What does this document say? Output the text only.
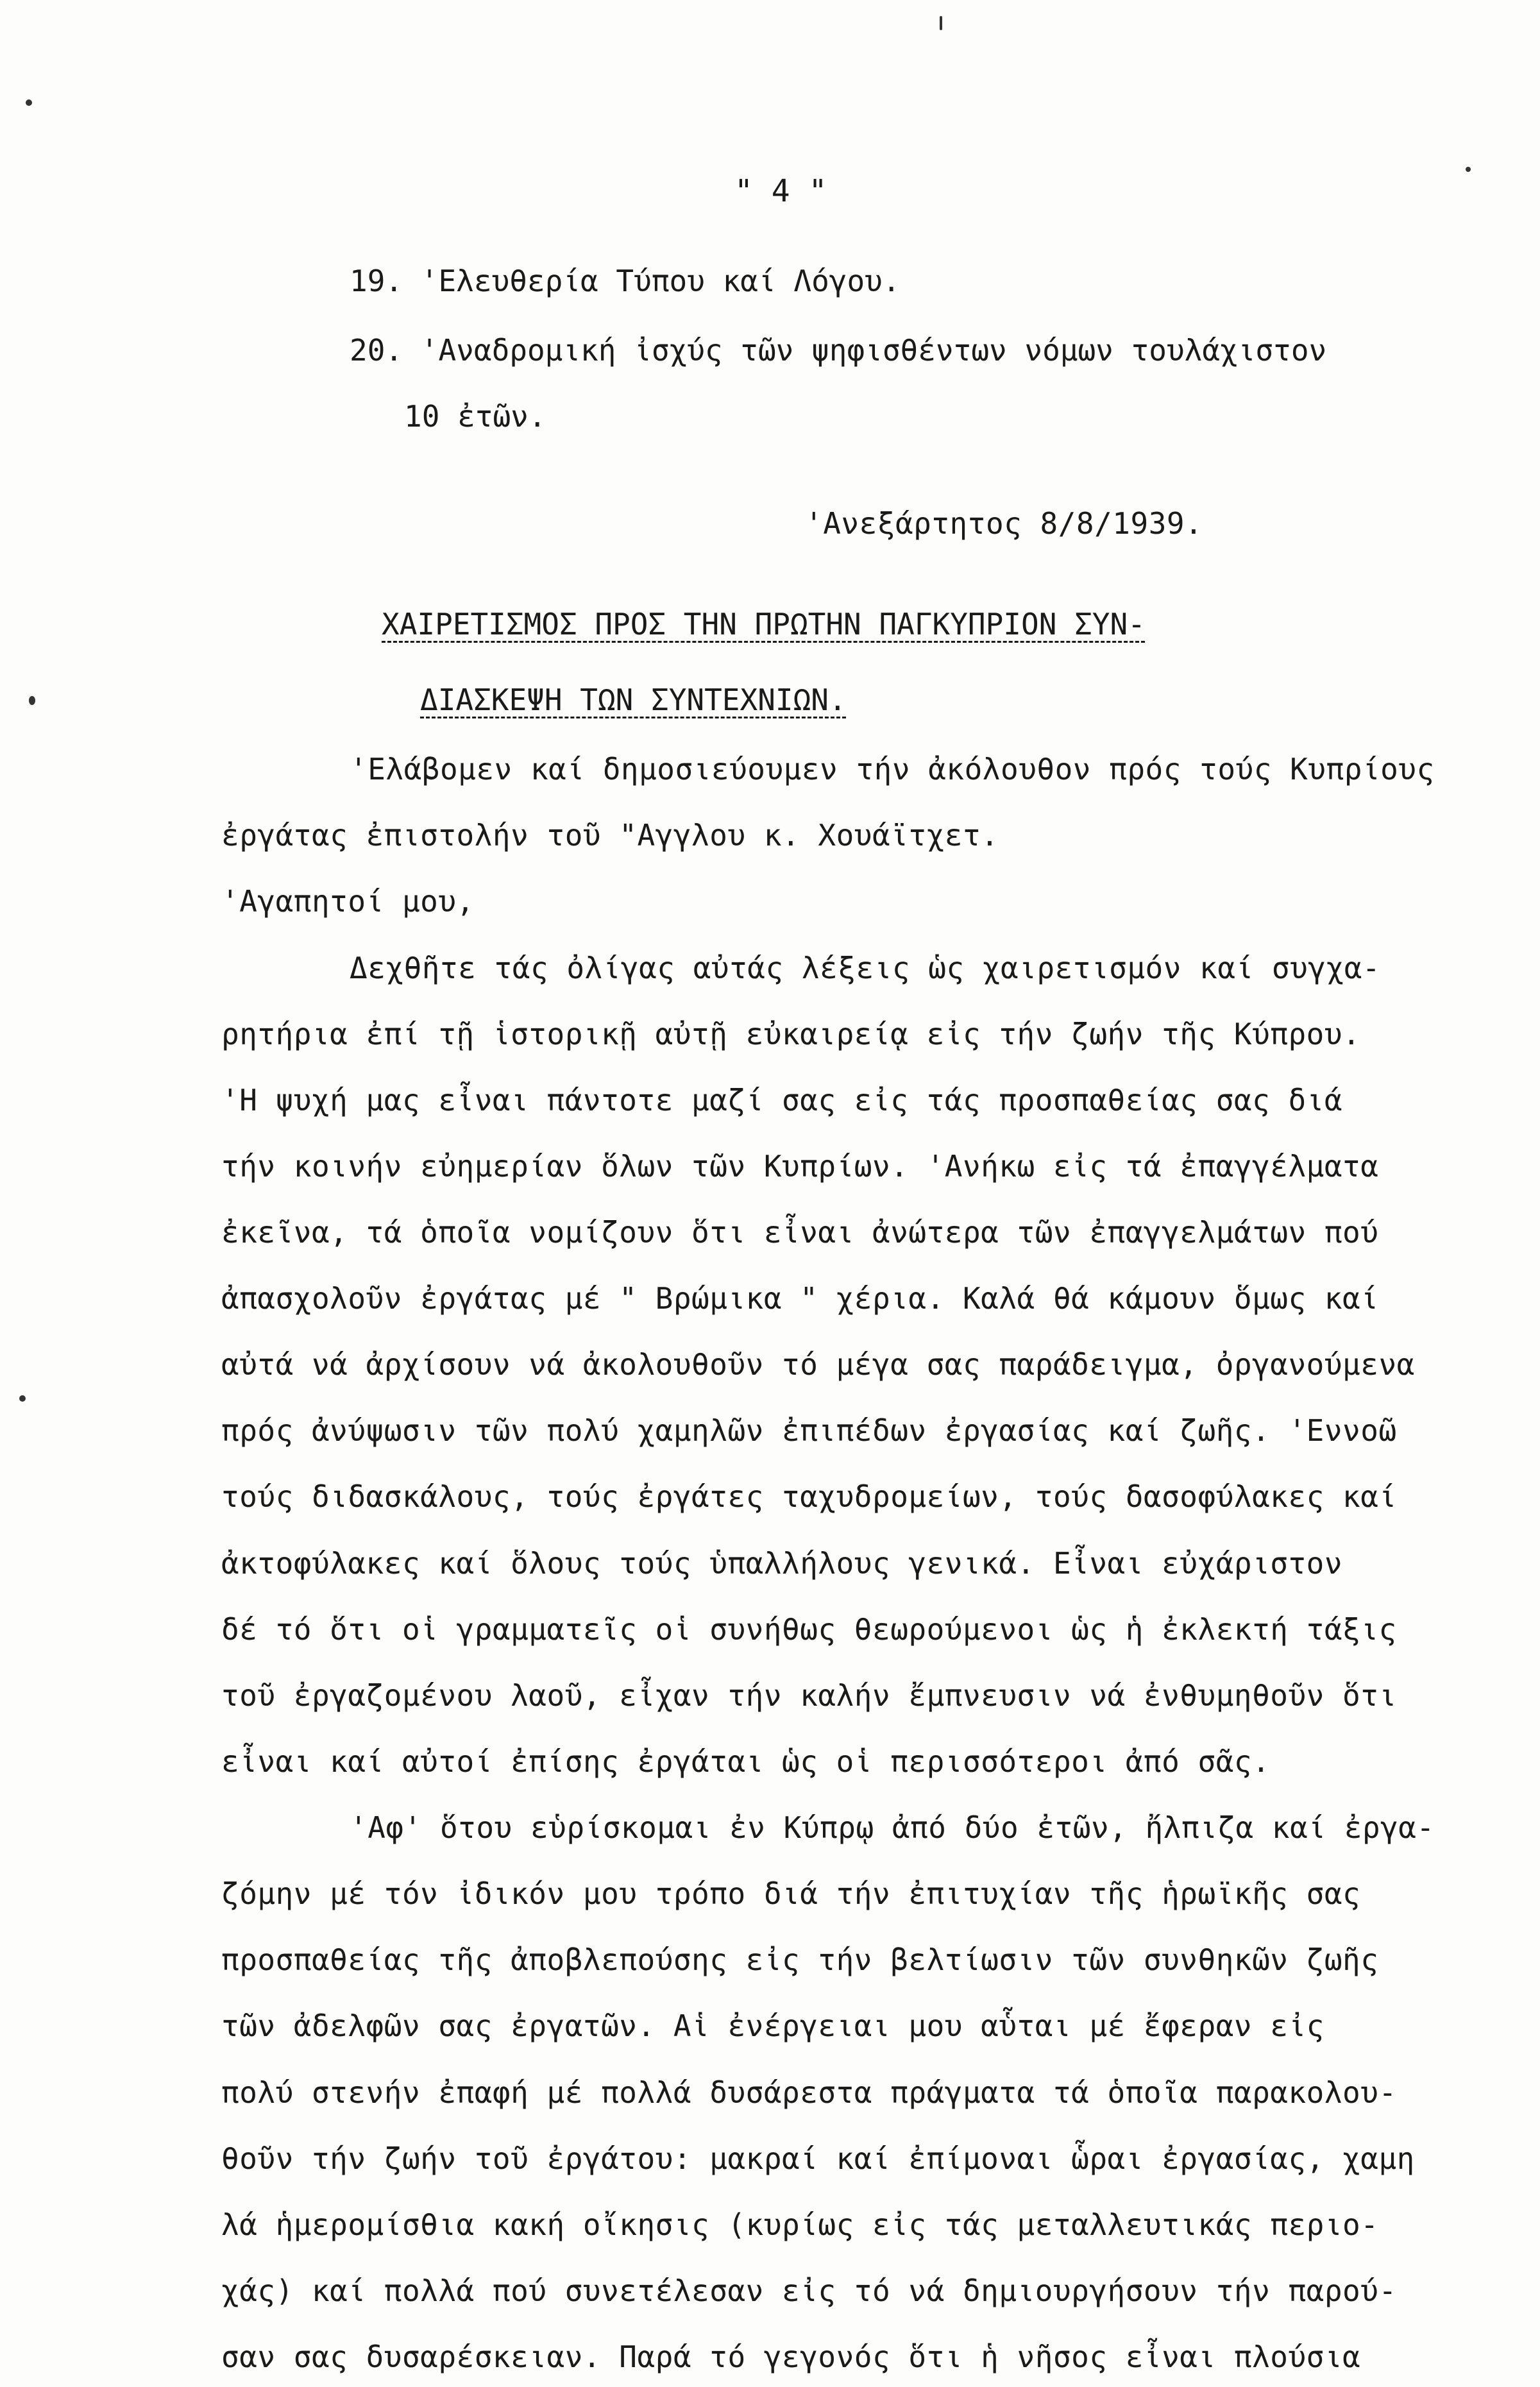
" 4 "
19. 'Ελευθερία Τύπου καί Λόγου.
20. 'Αναδρομική ἰσχύς τῶν ψηφισθέντων νόμων τουλάχιστον
10 ἐτῶν.
'Ανεξάρτητος 8/8/1939.
ΧΑΙΡΕΤΙΣΜΟΣ ΠΡΟΣ ΤΗΝ ΠΡΩΤΗΝ ΠΑΓΚΥΠΡΙΟΝ ΣΥΝ-
ΔΙΑΣΚΕΨΗ ΤΩΝ ΣΥΝΤΕΧΝΙΩΝ.
'Ελάβομεν καί δημοσιεύουμεν τήν ἀκόλουθον πρός τούς Κυπρίους
ἐργάτας ἐπιστολήν τοῦ "Αγγλου κ. Χουάϊτχετ.
'Αγαπητοί μου,
Δεχθῆτε τάς ὀλίγας αὐτάς λέξεις ὡς χαιρετισμόν καί συγχα-
ρητήρια ἐπί τῇ ἱστορικῇ αὐτῇ εὐκαιρείᾳ εἰς τήν ζωήν τῆς Κύπρου.
'Η ψυχή μας εἶναι πάντοτε μαζί σας εἰς τάς προσπαθείας σας διά
τήν κοινήν εὐημερίαν ὅλων τῶν Κυπρίων. 'Ανήκω εἰς τά ἐπαγγέλματα
ἐκεῖνα, τά ὁποῖα νομίζουν ὅτι εἶναι ἀνώτερα τῶν ἐπαγγελμάτων πού
ἀπασχολοῦν ἐργάτας μέ " Βρώμικα " χέρια. Καλά θά κάμουν ὅμως καί
αὐτά νά ἀρχίσουν νά ἀκολουθοῦν τό μέγα σας παράδειγμα, ὀργανούμενα
πρός ἀνύψωσιν τῶν πολύ χαμηλῶν ἐπιπέδων ἐργασίας καί ζωῆς. 'Εννοῶ
τούς διδασκάλους, τούς ἐργάτες ταχυδρομείων, τούς δασοφύλακες καί
ἀκτοφύλακες καί ὅλους τούς ὑπαλλήλους γενικά. Εἶναι εὐχάριστον
δέ τό ὅτι οἱ γραμματεῖς οἱ συνήθως θεωρούμενοι ὡς ἡ ἐκλεκτή τάξις
τοῦ ἐργαζομένου λαοῦ, εἶχαν τήν καλήν ἔμπνευσιν νά ἐνθυμηθοῦν ὅτι
εἶναι καί αὐτοί ἐπίσης ἐργάται ὡς οἱ περισσότεροι ἀπό σᾶς.
'Αφ' ὅτου εὑρίσκομαι ἐν Κύπρῳ ἀπό δύο ἐτῶν, ἤλπιζα καί ἐργα-
ζόμην μέ τόν ἰδικόν μου τρόπο διά τήν ἐπιτυχίαν τῆς ἡρωϊκῆς σας
προσπαθείας τῆς ἀποβλεπούσης εἰς τήν βελτίωσιν τῶν συνθηκῶν ζωῆς
τῶν ἀδελφῶν σας ἐργατῶν. Αἱ ἐνέργειαι μου αὗται μέ ἔφεραν εἰς
πολύ στενήν ἐπαφή μέ πολλά δυσάρεστα πράγματα τά ὁποῖα παρακολου-
θοῦν τήν ζωήν τοῦ ἐργάτου: μακραί καί ἐπίμοναι ὧραι ἐργασίας, χαμη
λά ἡμερομίσθια κακή οἴκησις (κυρίως εἰς τάς μεταλλευτικάς περιο-
χάς) καί πολλά πού συνετέλεσαν εἰς τό νά δημιουργήσουν τήν παρού-
σαν σας δυσαρέσκειαν. Παρά τό γεγονός ὅτι ἡ νῆσος εἶναι πλούσια
